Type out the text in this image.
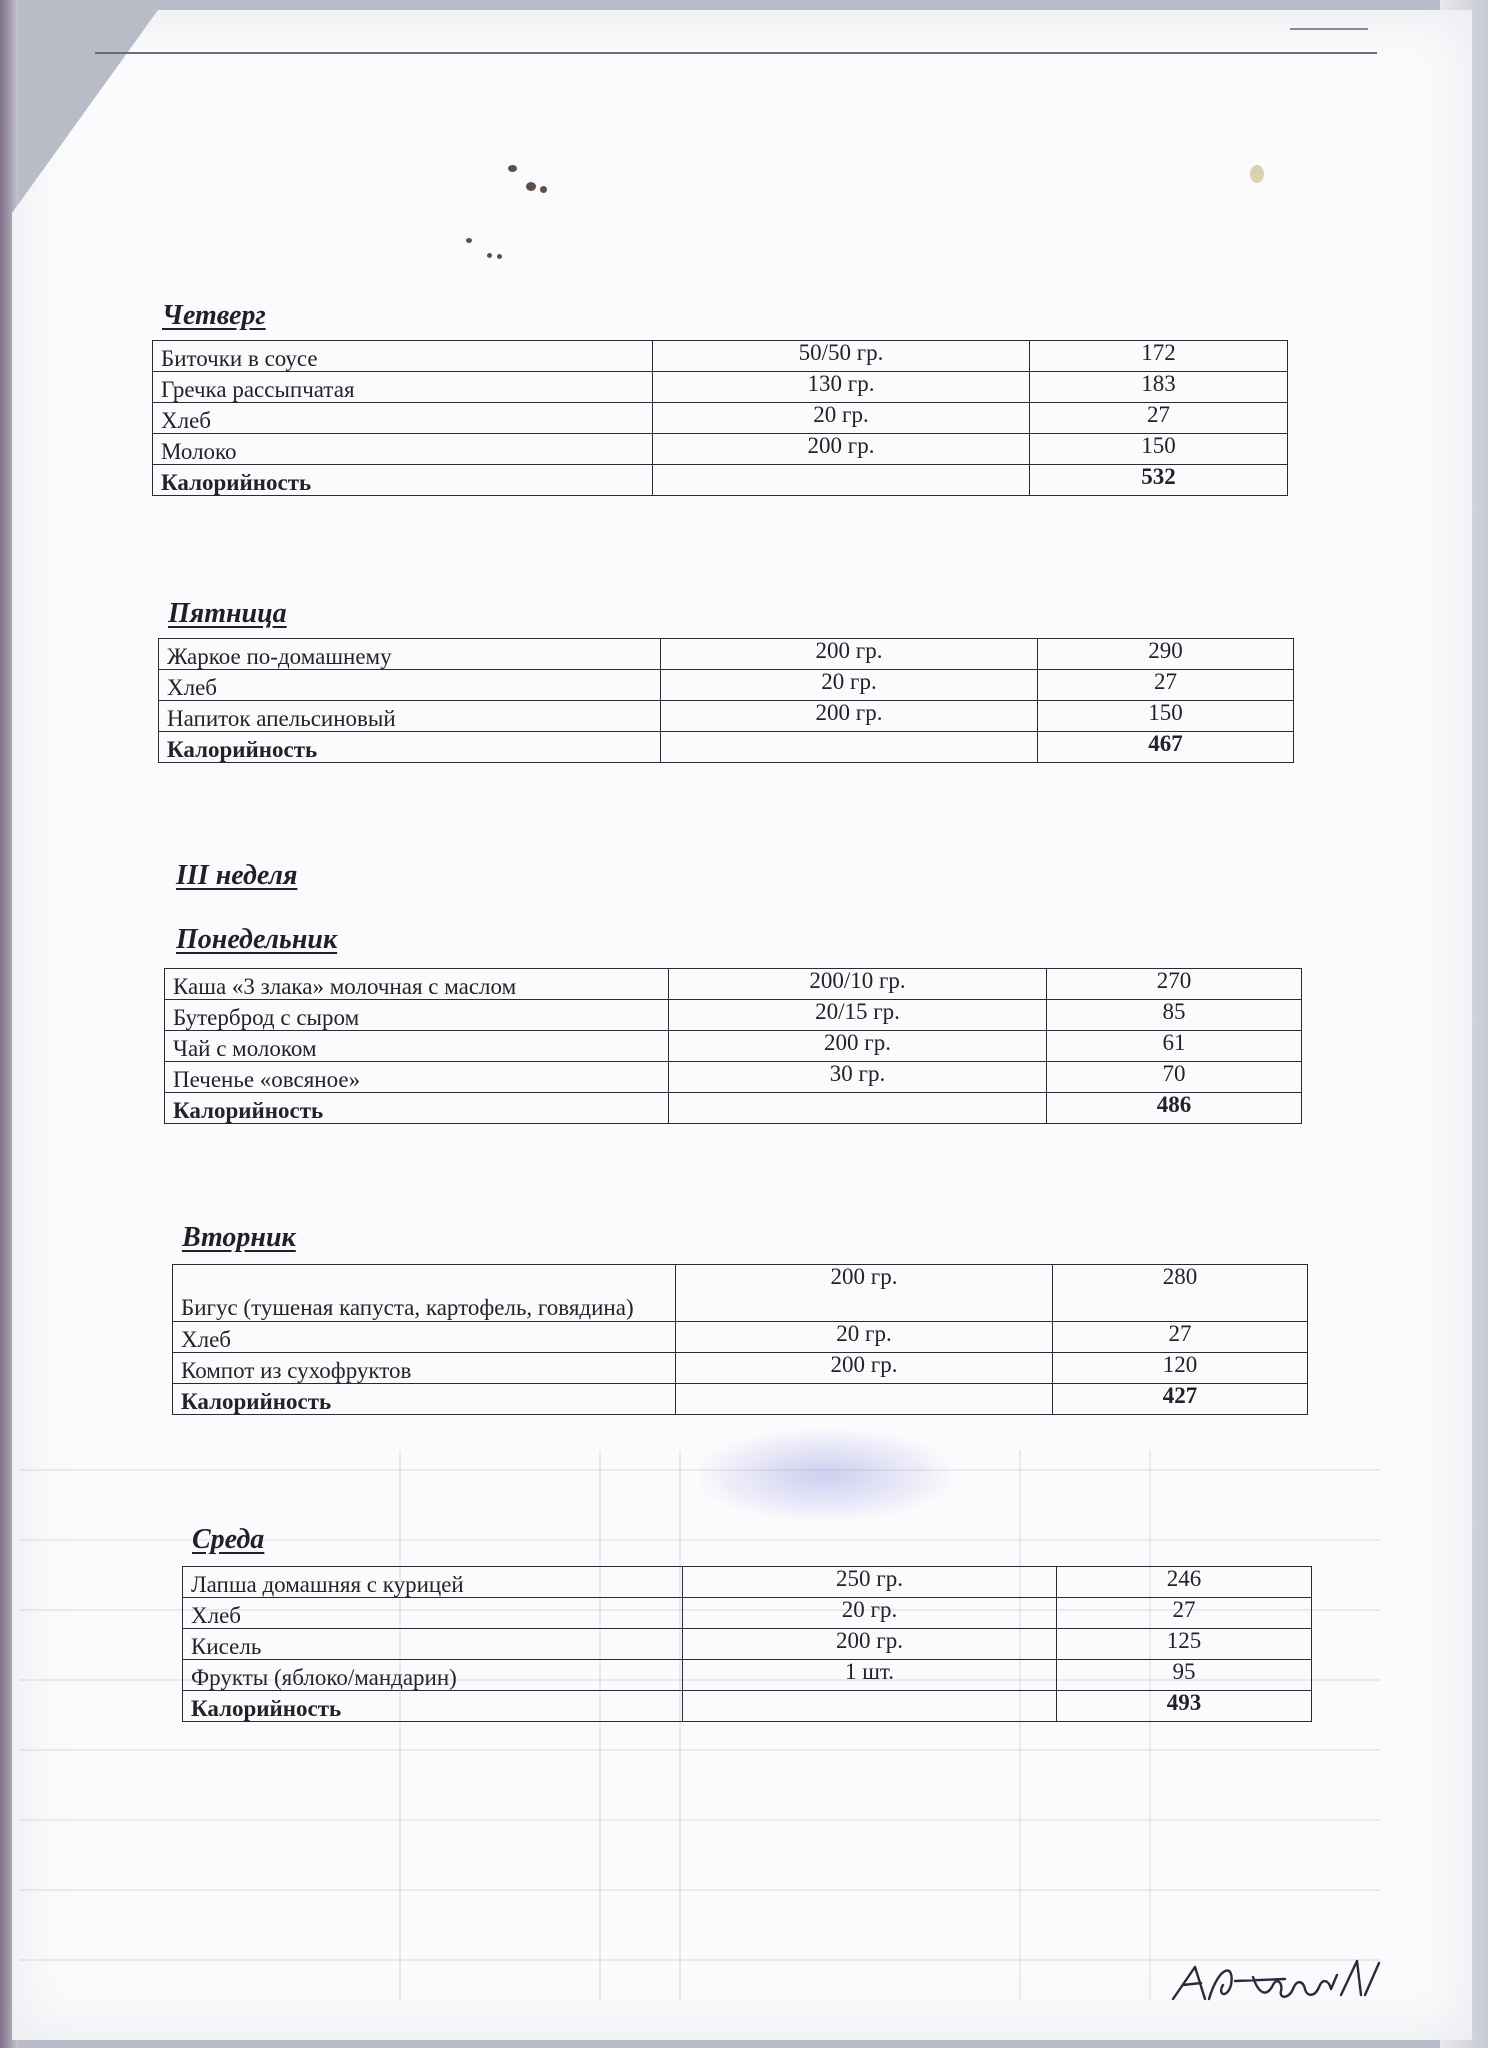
Четверг
Биточки в соусе	50/50 гр.	172
Гречка рассыпчатая	130 гр.	183
Хлеб	20 гр.	27
Молоко	200 гр.	150
Калорийность		532
Пятница
Жаркое по-домашнему	200 гр.	290
Хлеб	20 гр.	27
Напиток апельсиновый	200 гр.	150
Калорийность		467
III неделя
Понедельник
Каша «3 злака» молочная с маслом	200/10 гр.	270
Бутерброд с сыром	20/15 гр.	85
Чай с молоком	200 гр.	61
Печенье «овсяное»	30 гр.	70
Калорийность		486
Вторник
Бигус (тушеная капуста, картофель, говядина)	200 гр.	280
Хлеб	20 гр.	27
Компот из сухофруктов	200 гр.	120
Калорийность		427
Среда
Лапша домашняя с курицей	250 гр.	246
Хлеб	20 гр.	27
Кисель	200 гр.	125
Фрукты (яблоко/мандарин)	1 шт.	95
Калорийность		493
